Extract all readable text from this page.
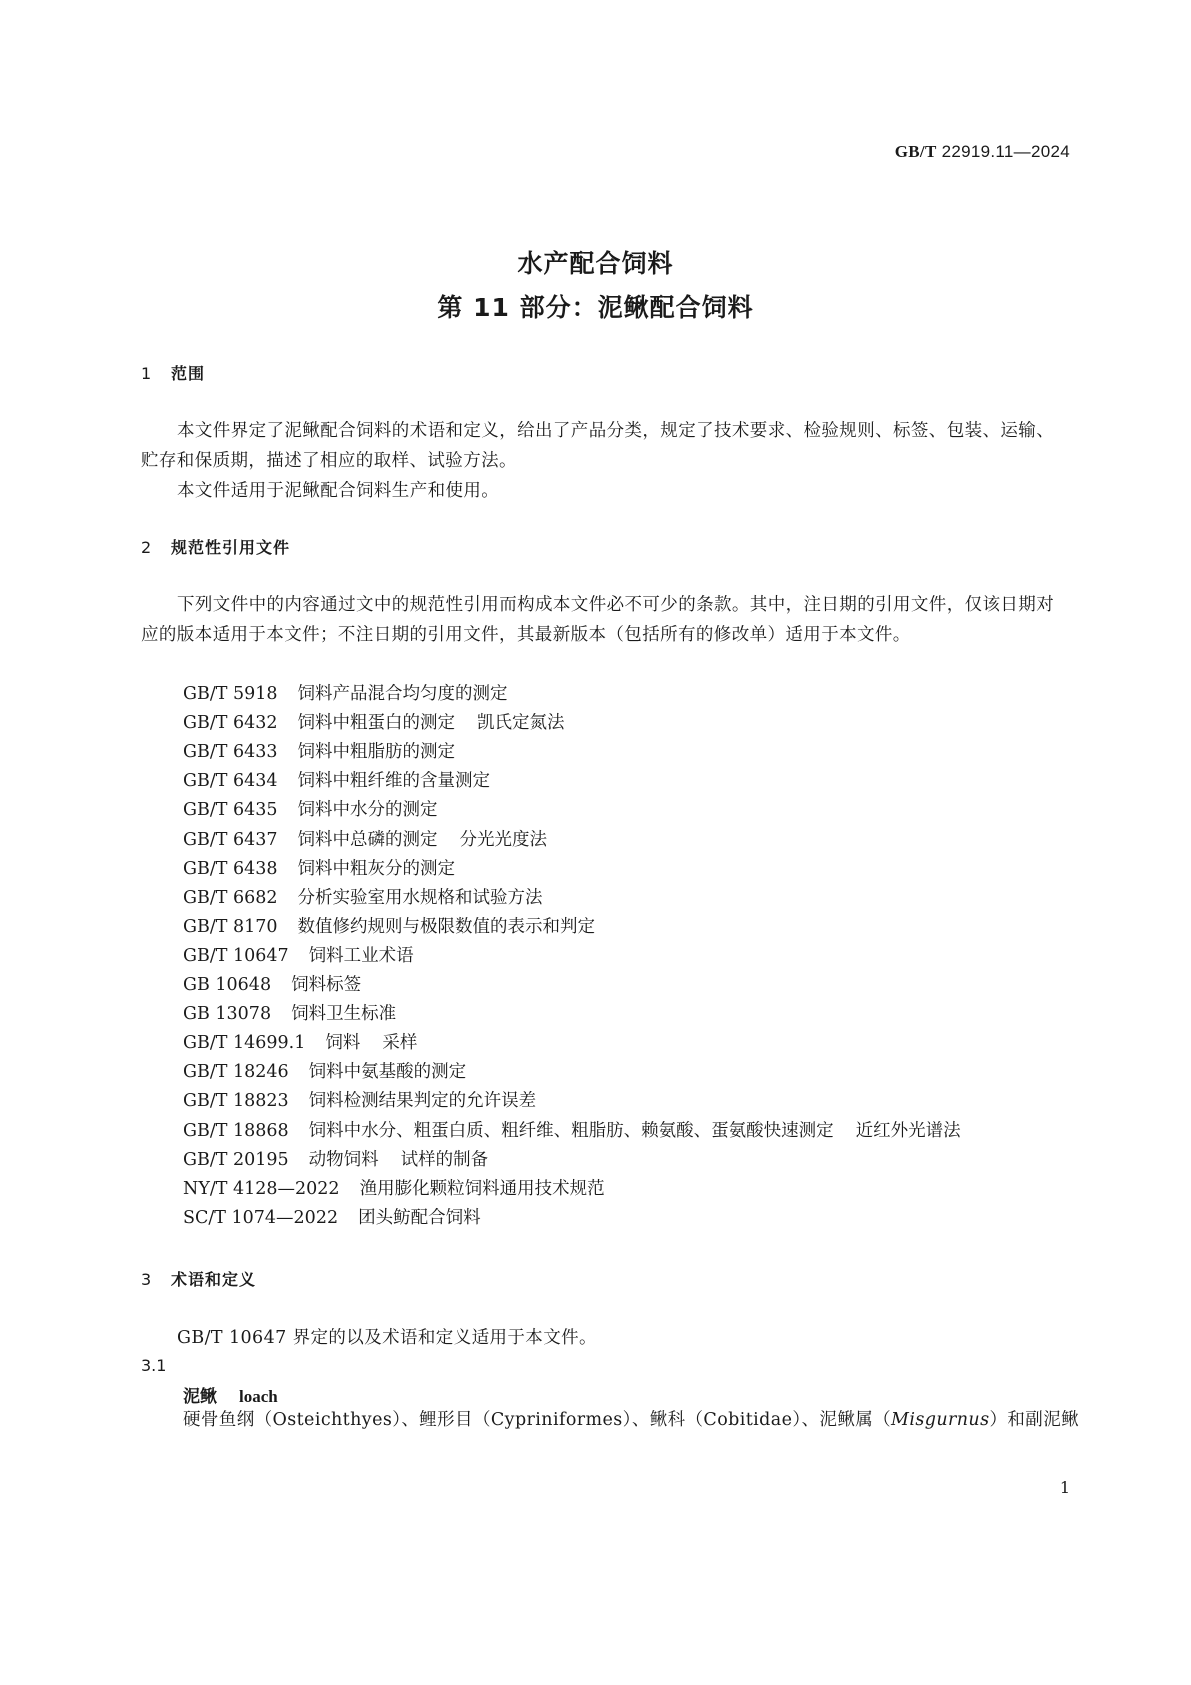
GB/T 22919.11—2024
水产配合饲料
第 11 部分：泥鳅配合饲料
1 范围
本文件界定了泥鳅配合饲料的术语和定义，给出了产品分类，规定了技术要求、检验规则、标签、包装、运输、贮存和保质期，描述了相应的取样、试验方法。
本文件适用于泥鳅配合饲料生产和使用。
2 规范性引用文件
下列文件中的内容通过文中的规范性引用而构成本文件必不可少的条款。其中，注日期的引用文件，仅该日期对应的版本适用于本文件；不注日期的引用文件，其最新版本（包括所有的修改单）适用于本文件。
GB/T 5918 饲料产品混合均匀度的测定
GB/T 6432 饲料中粗蛋白的测定 凯氏定氮法
GB/T 6433 饲料中粗脂肪的测定
GB/T 6434 饲料中粗纤维的含量测定
GB/T 6435 饲料中水分的测定
GB/T 6437 饲料中总磷的测定 分光光度法
GB/T 6438 饲料中粗灰分的测定
GB/T 6682 分析实验室用水规格和试验方法
GB/T 8170 数值修约规则与极限数值的表示和判定
GB/T 10647 饲料工业术语
GB 10648 饲料标签
GB 13078 饲料卫生标准
GB/T 14699.1 饲料 采样
GB/T 18246 饲料中氨基酸的测定
GB/T 18823 饲料检测结果判定的允许误差
GB/T 18868 饲料中水分、粗蛋白质、粗纤维、粗脂肪、赖氨酸、蛋氨酸快速测定 近红外光谱法
GB/T 20195 动物饲料 试样的制备
NY/T 4128—2022 渔用膨化颗粒饲料通用技术规范
SC/T 1074—2022 团头鲂配合饲料
3 术语和定义
GB/T 10647 界定的以及术语和定义适用于本文件。
3.1
泥鳅 loach
硬骨鱼纲（Osteichthyes）、鲤形目（Cypriniformes）、鳅科（Cobitidae）、泥鳅属（Misgurnus）和副泥鳅
1
